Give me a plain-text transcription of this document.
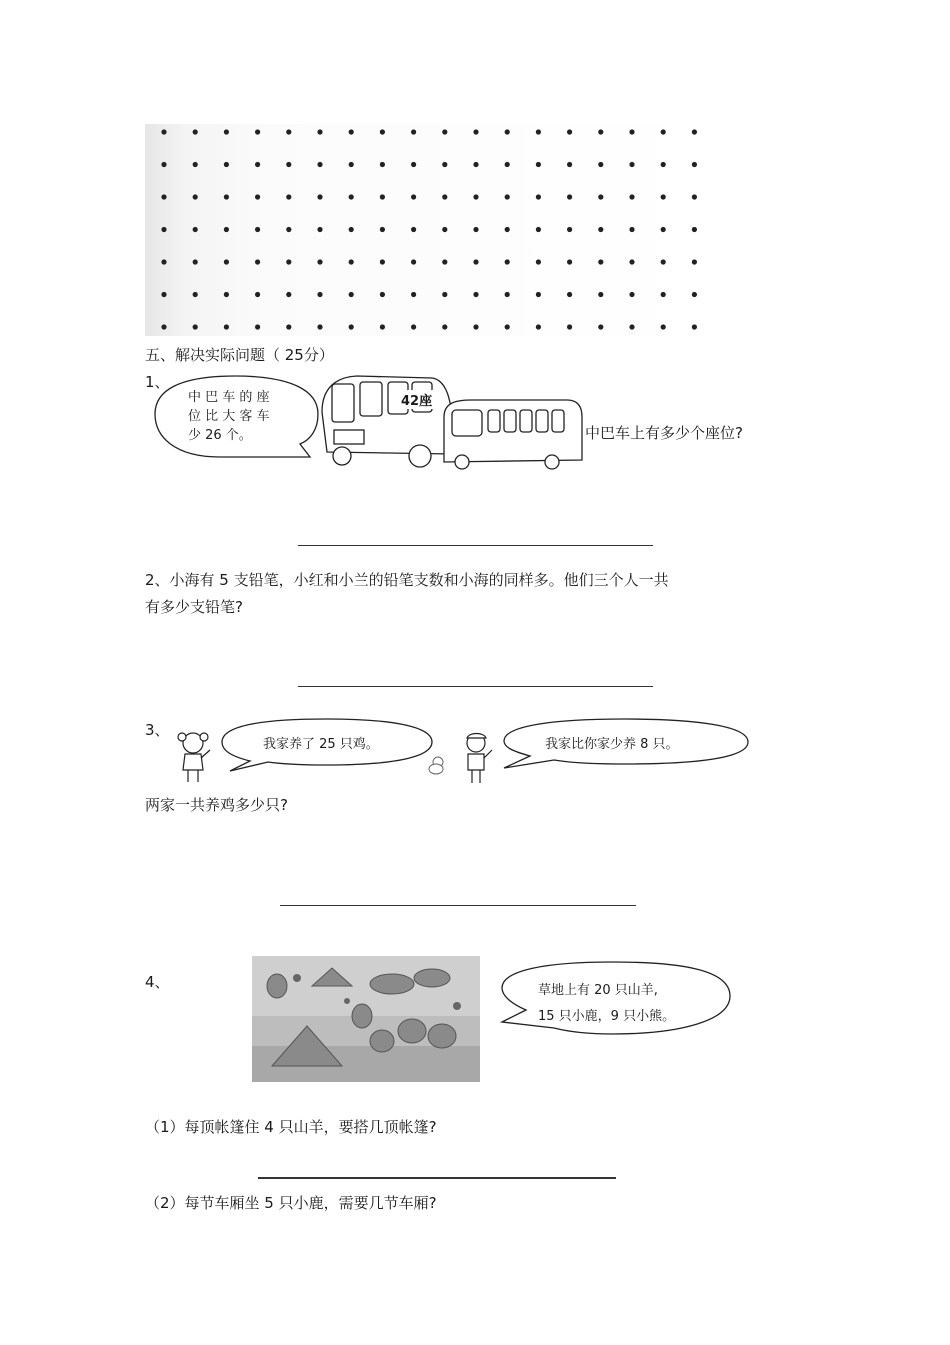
五、解决实际问题（ 25分）
1、
中 巴 车 的 座
位 比 大 客 车
少 26 个。
42座
中巴车上有多少个座位?
2、小海有 5 支铅笔，小红和小兰的铅笔支数和小海的同样多。他们三个人一共
有多少支铅笔?
3、
我家养了 25 只鸡。	我家比你家少养 8 只。
两家一共养鸡多少只?
4、	草地上有 20 只山羊,
15 只小鹿，9 只小熊。
（1）每顶帐篷住 4 只山羊，要搭几顶帐篷?
（2）每节车厢坐 5 只小鹿，需要几节车厢?
